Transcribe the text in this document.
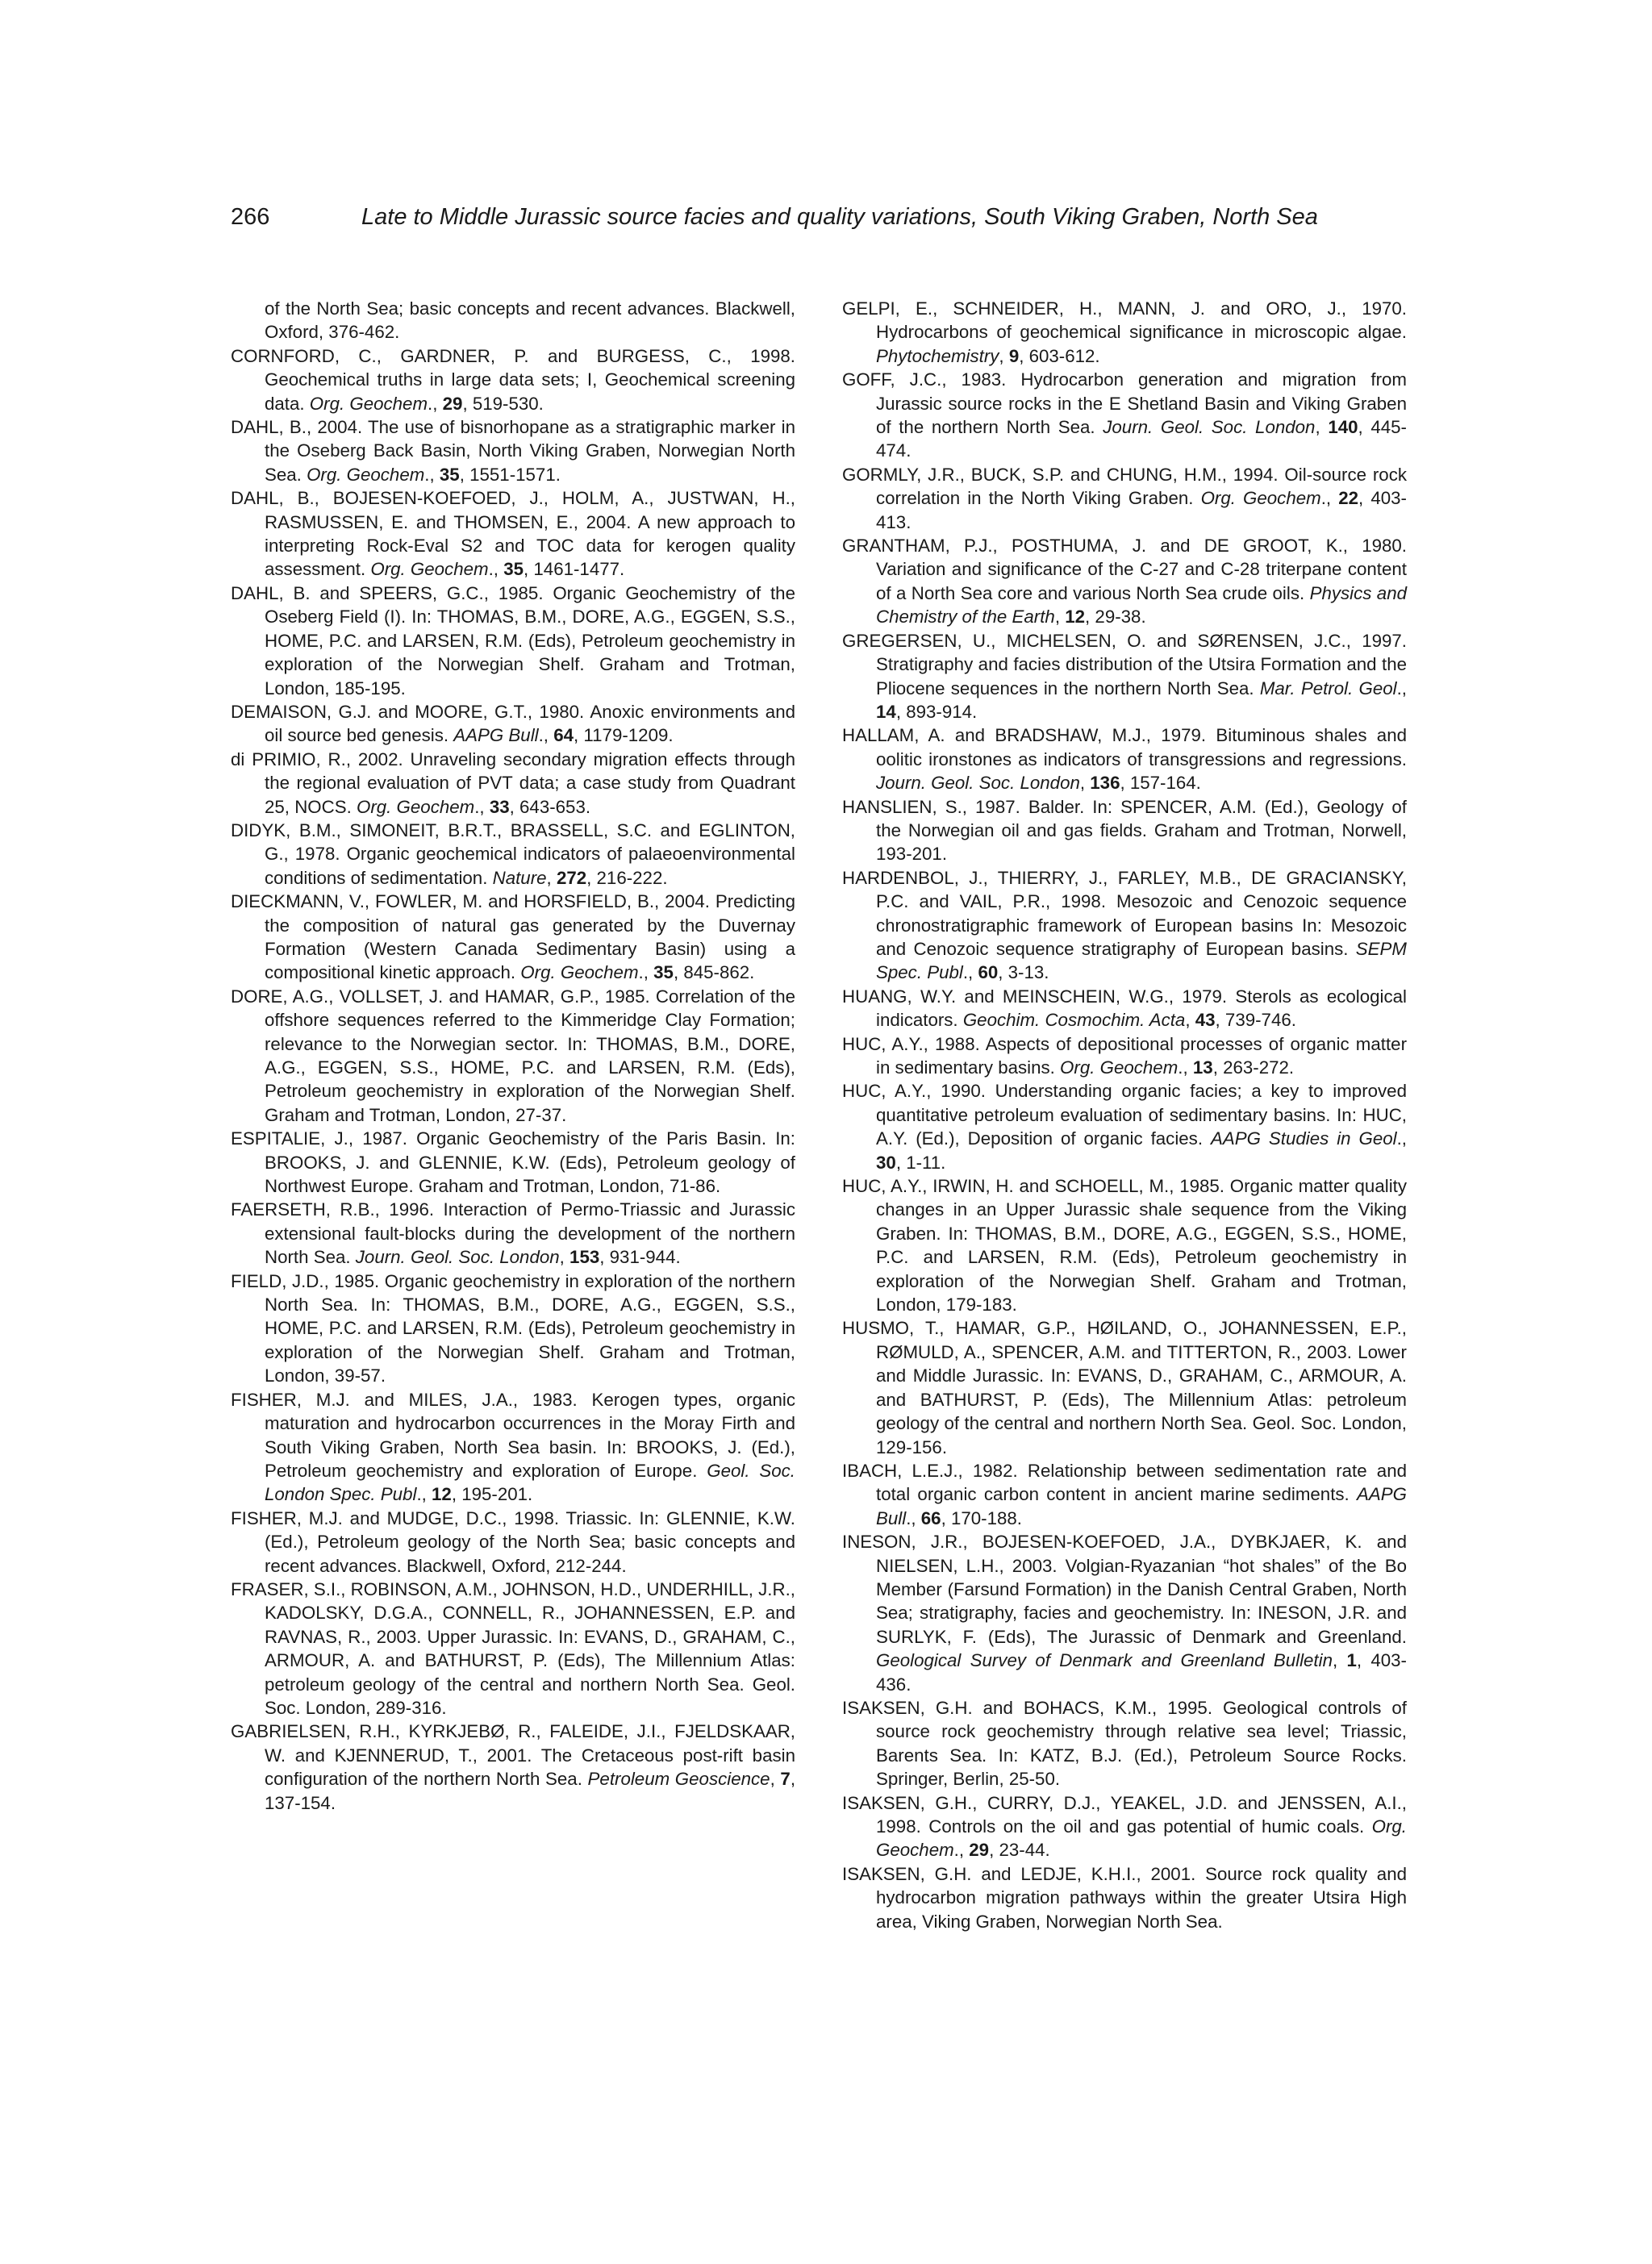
266	Late to Middle Jurassic source facies and quality variations, South Viking Graben, North Sea

of the North Sea; basic concepts and recent advances. Blackwell, Oxford, 376-462.

CORNFORD, C., GARDNER, P. and BURGESS, C., 1998. Geochemical truths in large data sets; I, Geochemical screening data. Org. Geochem., 29, 519-530.

DAHL, B., 2004. The use of bisnorhopane as a stratigraphic marker in the Oseberg Back Basin, North Viking Graben, Norwegian North Sea. Org. Geochem., 35, 1551-1571.

DAHL, B., BOJESEN-KOEFOED, J., HOLM, A., JUSTWAN, H., RASMUSSEN, E. and THOMSEN, E., 2004. A new approach to interpreting Rock-Eval S2 and TOC data for kerogen quality assessment. Org. Geochem., 35, 1461-1477.

DAHL, B. and SPEERS, G.C., 1985. Organic Geochemistry of the Oseberg Field (I). In: THOMAS, B.M., DORE, A.G., EGGEN, S.S., HOME, P.C. and LARSEN, R.M. (Eds), Petroleum geochemistry in exploration of the Norwegian Shelf. Graham and Trotman, London, 185-195.

DEMAISON, G.J. and MOORE, G.T., 1980. Anoxic environments and oil source bed genesis. AAPG Bull., 64, 1179-1209.

di PRIMIO, R., 2002. Unraveling secondary migration effects through the regional evaluation of PVT data; a case study from Quadrant 25, NOCS. Org. Geochem., 33, 643-653.

DIDYK, B.M., SIMONEIT, B.R.T., BRASSELL, S.C. and EGLINTON, G., 1978. Organic geochemical indicators of palaeoenvironmental conditions of sedimentation. Nature, 272, 216-222.

DIECKMANN, V., FOWLER, M. and HORSFIELD, B., 2004. Predicting the composition of natural gas generated by the Duvernay Formation (Western Canada Sedimentary Basin) using a compositional kinetic approach. Org. Geochem., 35, 845-862.

DORE, A.G., VOLLSET, J. and HAMAR, G.P., 1985. Correlation of the offshore sequences referred to the Kimmeridge Clay Formation; relevance to the Norwegian sector. In: THOMAS, B.M., DORE, A.G., EGGEN, S.S., HOME, P.C. and LARSEN, R.M. (Eds), Petroleum geochemistry in exploration of the Norwegian Shelf. Graham and Trotman, London, 27-37.

ESPITALIE, J., 1987. Organic Geochemistry of the Paris Basin. In: BROOKS, J. and GLENNIE, K.W. (Eds), Petroleum geology of Northwest Europe. Graham and Trotman, London, 71-86.

FAERSETH, R.B., 1996. Interaction of Permo-Triassic and Jurassic extensional fault-blocks during the development of the northern North Sea. Journ. Geol. Soc. London, 153, 931-944.

FIELD, J.D., 1985. Organic geochemistry in exploration of the northern North Sea. In: THOMAS, B.M., DORE, A.G., EGGEN, S.S., HOME, P.C. and LARSEN, R.M. (Eds), Petroleum geochemistry in exploration of the Norwegian Shelf. Graham and Trotman, London, 39-57.

FISHER, M.J. and MILES, J.A., 1983. Kerogen types, organic maturation and hydrocarbon occurrences in the Moray Firth and South Viking Graben, North Sea basin. In: BROOKS, J. (Ed.), Petroleum geochemistry and exploration of Europe. Geol. Soc. London Spec. Publ., 12, 195-201.

FISHER, M.J. and MUDGE, D.C., 1998. Triassic. In: GLENNIE, K.W. (Ed.), Petroleum geology of the North Sea; basic concepts and recent advances. Blackwell, Oxford, 212-244.

FRASER, S.I., ROBINSON, A.M., JOHNSON, H.D., UNDERHILL, J.R., KADOLSKY, D.G.A., CONNELL, R., JOHANNESSEN, E.P. and RAVNAS, R., 2003. Upper Jurassic. In: EVANS, D., GRAHAM, C., ARMOUR, A. and BATHURST, P. (Eds), The Millennium Atlas: petroleum geology of the central and northern North Sea. Geol. Soc. London, 289-316.

GABRIELSEN, R.H., KYRKJEBØ, R., FALEIDE, J.I., FJELDSKAAR, W. and KJENNERUD, T., 2001. The Cretaceous post-rift basin configuration of the northern North Sea. Petroleum Geoscience, 7, 137-154.

GELPI, E., SCHNEIDER, H., MANN, J. and ORO, J., 1970. Hydrocarbons of geochemical significance in microscopic algae. Phytochemistry, 9, 603-612.

GOFF, J.C., 1983. Hydrocarbon generation and migration from Jurassic source rocks in the E Shetland Basin and Viking Graben of the northern North Sea. Journ. Geol. Soc. London, 140, 445-474.

GORMLY, J.R., BUCK, S.P. and CHUNG, H.M., 1994. Oil-source rock correlation in the North Viking Graben. Org. Geochem., 22, 403-413.

GRANTHAM, P.J., POSTHUMA, J. and DE GROOT, K., 1980. Variation and significance of the C-27 and C-28 triterpane content of a North Sea core and various North Sea crude oils. Physics and Chemistry of the Earth, 12, 29-38.

GREGERSEN, U., MICHELSEN, O. and SØRENSEN, J.C., 1997. Stratigraphy and facies distribution of the Utsira Formation and the Pliocene sequences in the northern North Sea. Mar. Petrol. Geol., 14, 893-914.

HALLAM, A. and BRADSHAW, M.J., 1979. Bituminous shales and oolitic ironstones as indicators of transgressions and regressions. Journ. Geol. Soc. London, 136, 157-164.

HANSLIEN, S., 1987. Balder. In: SPENCER, A.M. (Ed.), Geology of the Norwegian oil and gas fields. Graham and Trotman, Norwell, 193-201.

HARDENBOL, J., THIERRY, J., FARLEY, M.B., DE GRACIANSKY, P.C. and VAIL, P.R., 1998. Mesozoic and Cenozoic sequence chronostratigraphic framework of European basins In: Mesozoic and Cenozoic sequence stratigraphy of European basins. SEPM Spec. Publ., 60, 3-13.

HUANG, W.Y. and MEINSCHEIN, W.G., 1979. Sterols as ecological indicators. Geochim. Cosmochim. Acta, 43, 739-746.

HUC, A.Y., 1988. Aspects of depositional processes of organic matter in sedimentary basins. Org. Geochem., 13, 263-272.

HUC, A.Y., 1990. Understanding organic facies; a key to improved quantitative petroleum evaluation of sedimentary basins. In: HUC, A.Y. (Ed.), Deposition of organic facies. AAPG Studies in Geol., 30, 1-11.

HUC, A.Y., IRWIN, H. and SCHOELL, M., 1985. Organic matter quality changes in an Upper Jurassic shale sequence from the Viking Graben. In: THOMAS, B.M., DORE, A.G., EGGEN, S.S., HOME, P.C. and LARSEN, R.M. (Eds), Petroleum geochemistry in exploration of the Norwegian Shelf. Graham and Trotman, London, 179-183.

HUSMO, T., HAMAR, G.P., HØILAND, O., JOHANNESSEN, E.P., RØMULD, A., SPENCER, A.M. and TITTERTON, R., 2003. Lower and Middle Jurassic. In: EVANS, D., GRAHAM, C., ARMOUR, A. and BATHURST, P. (Eds), The Millennium Atlas: petroleum geology of the central and northern North Sea. Geol. Soc. London, 129-156.

IBACH, L.E.J., 1982. Relationship between sedimentation rate and total organic carbon content in ancient marine sediments. AAPG Bull., 66, 170-188.

INESON, J.R., BOJESEN-KOEFOED, J.A., DYBKJAER, K. and NIELSEN, L.H., 2003. Volgian-Ryazanian “hot shales” of the Bo Member (Farsund Formation) in the Danish Central Graben, North Sea; stratigraphy, facies and geochemistry. In: INESON, J.R. and SURLYK, F. (Eds), The Jurassic of Denmark and Greenland. Geological Survey of Denmark and Greenland Bulletin, 1, 403-436.

ISAKSEN, G.H. and BOHACS, K.M., 1995. Geological controls of source rock geochemistry through relative sea level; Triassic, Barents Sea. In: KATZ, B.J. (Ed.), Petroleum Source Rocks. Springer, Berlin, 25-50.

ISAKSEN, G.H., CURRY, D.J., YEAKEL, J.D. and JENSSEN, A.I., 1998. Controls on the oil and gas potential of humic coals. Org. Geochem., 29, 23-44.

ISAKSEN, G.H. and LEDJE, K.H.I., 2001. Source rock quality and hydrocarbon migration pathways within the greater Utsira High area, Viking Graben, Norwegian North Sea.
